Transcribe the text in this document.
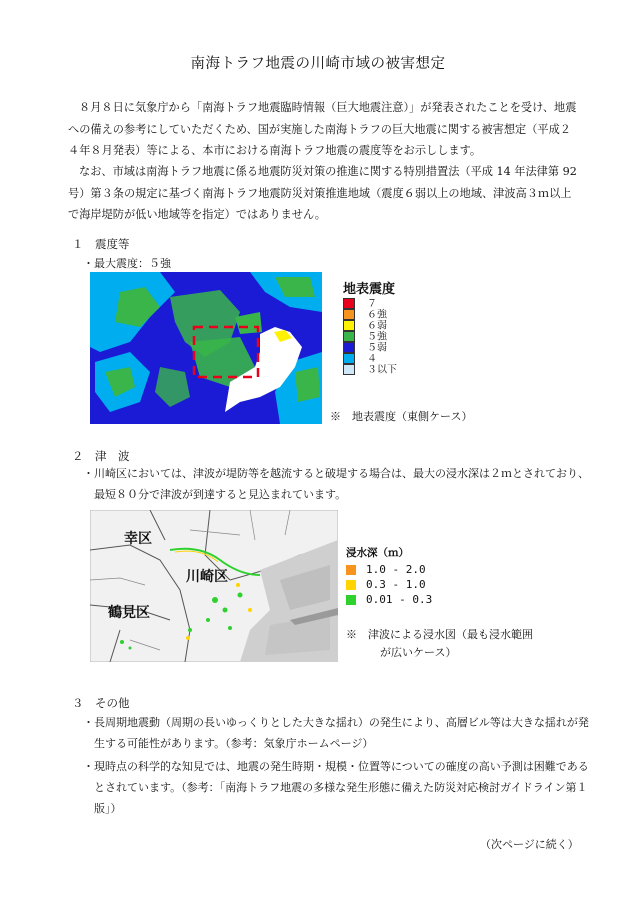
南海トラフ地震の川崎市域の被害想定
８月８日に気象庁から「南海トラフ地震臨時情報（巨大地震注意）」が発表されたことを受け、地震への備えの参考にしていただくため、国が実施した南海トラフの巨大地震に関する被害想定（平成２４年８月発表）等による、本市における南海トラフ地震の震度等をお示しします。
なお、市域は南海トラフ地震に係る地震防災対策の推進に関する特別措置法（平成 14 年法律第 92 号）第３条の規定に基づく南海トラフ地震防災対策推進地域（震度６弱以上の地域、津波高３ｍ以上で海岸堤防が低い地域等を指定）ではありません。
１　震度等
・最大震度：５強
地表震度
７
６強
６弱
５強
５弱
４
３以下
※　地表震度（東側ケース）
２　津　波
・川崎区においては、津波が堤防等を越流すると破堤する場合は、最大の浸水深は２ｍとされており、最短８０分で津波が到達すると見込まれています。
幸区
川崎区
鶴見区
浸水深（ｍ）
1.0 - 2.0
0.3 - 1.0
0.01 - 0.3
※　津波による浸水図（最も浸水範囲
が広いケース）
３　その他
・長周期地震動（周期の長いゆっくりとした大きな揺れ）の発生により、高層ビル等は大きな揺れが発生する可能性があります。（参考：気象庁ホームページ）
・現時点の科学的な知見では、地震の発生時期・規模・位置等についての確度の高い予測は困難であるとされています。（参考：「南海トラフ地震の多様な発生形態に備えた防災対応検討ガイドライン第１版」）
（次ページに続く）
